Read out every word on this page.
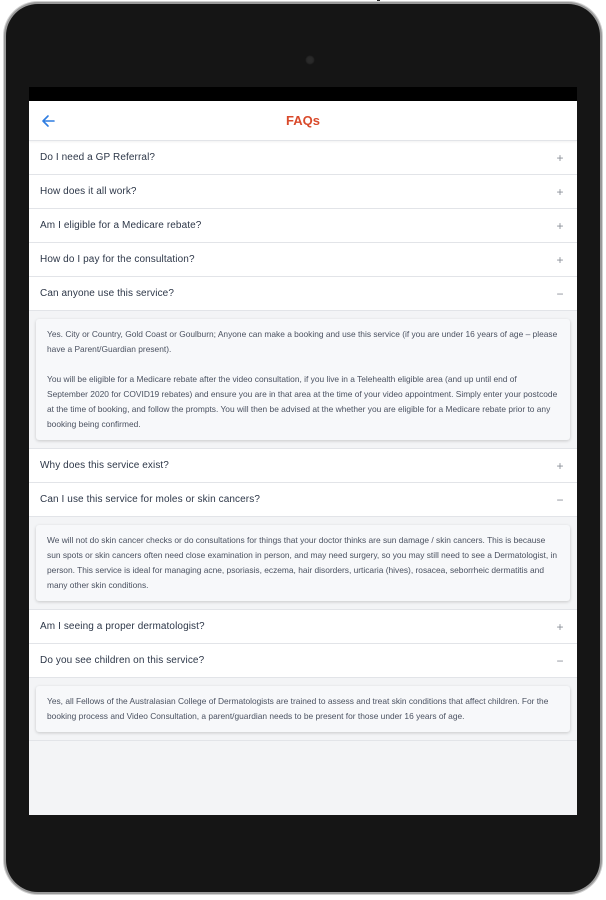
FAQs
Do I need a GP Referral?	+
How does it all work?	+
Am I eligible for a Medicare rebate?	+
How do I pay for the consultation?	+
Can anyone use this service?	−

Yes. City or Country, Gold Coast or Goulburn; Anyone can make a booking and use this service (if you are under 16 years of age – please have a Parent/Guardian present).

You will be eligible for a Medicare rebate after the video consultation, if you live in a Telehealth eligible area (and up until end of September 2020 for COVID19 rebates) and ensure you are in that area at the time of your video appointment. Simply enter your postcode at the time of booking, and follow the prompts. You will then be advised at the whether you are eligible for a Medicare rebate prior to any booking being confirmed.

Why does this service exist?	+
Can I use this service for moles or skin cancers?	−

We will not do skin cancer checks or do consultations for things that your doctor thinks are sun damage / skin cancers. This is because sun spots or skin cancers often need close examination in person, and may need surgery, so you may still need to see a Dermatologist, in person. This service is ideal for managing acne, psoriasis, eczema, hair disorders, urticaria (hives), rosacea, seborrheic dermatitis and many other skin conditions.

Am I seeing a proper dermatologist?	+
Do you see children on this service?	−

Yes, all Fellows of the Australasian College of Dermatologists are trained to assess and treat skin conditions that affect children. For the booking process and Video Consultation, a parent/guardian needs to be present for those under 16 years of age.
